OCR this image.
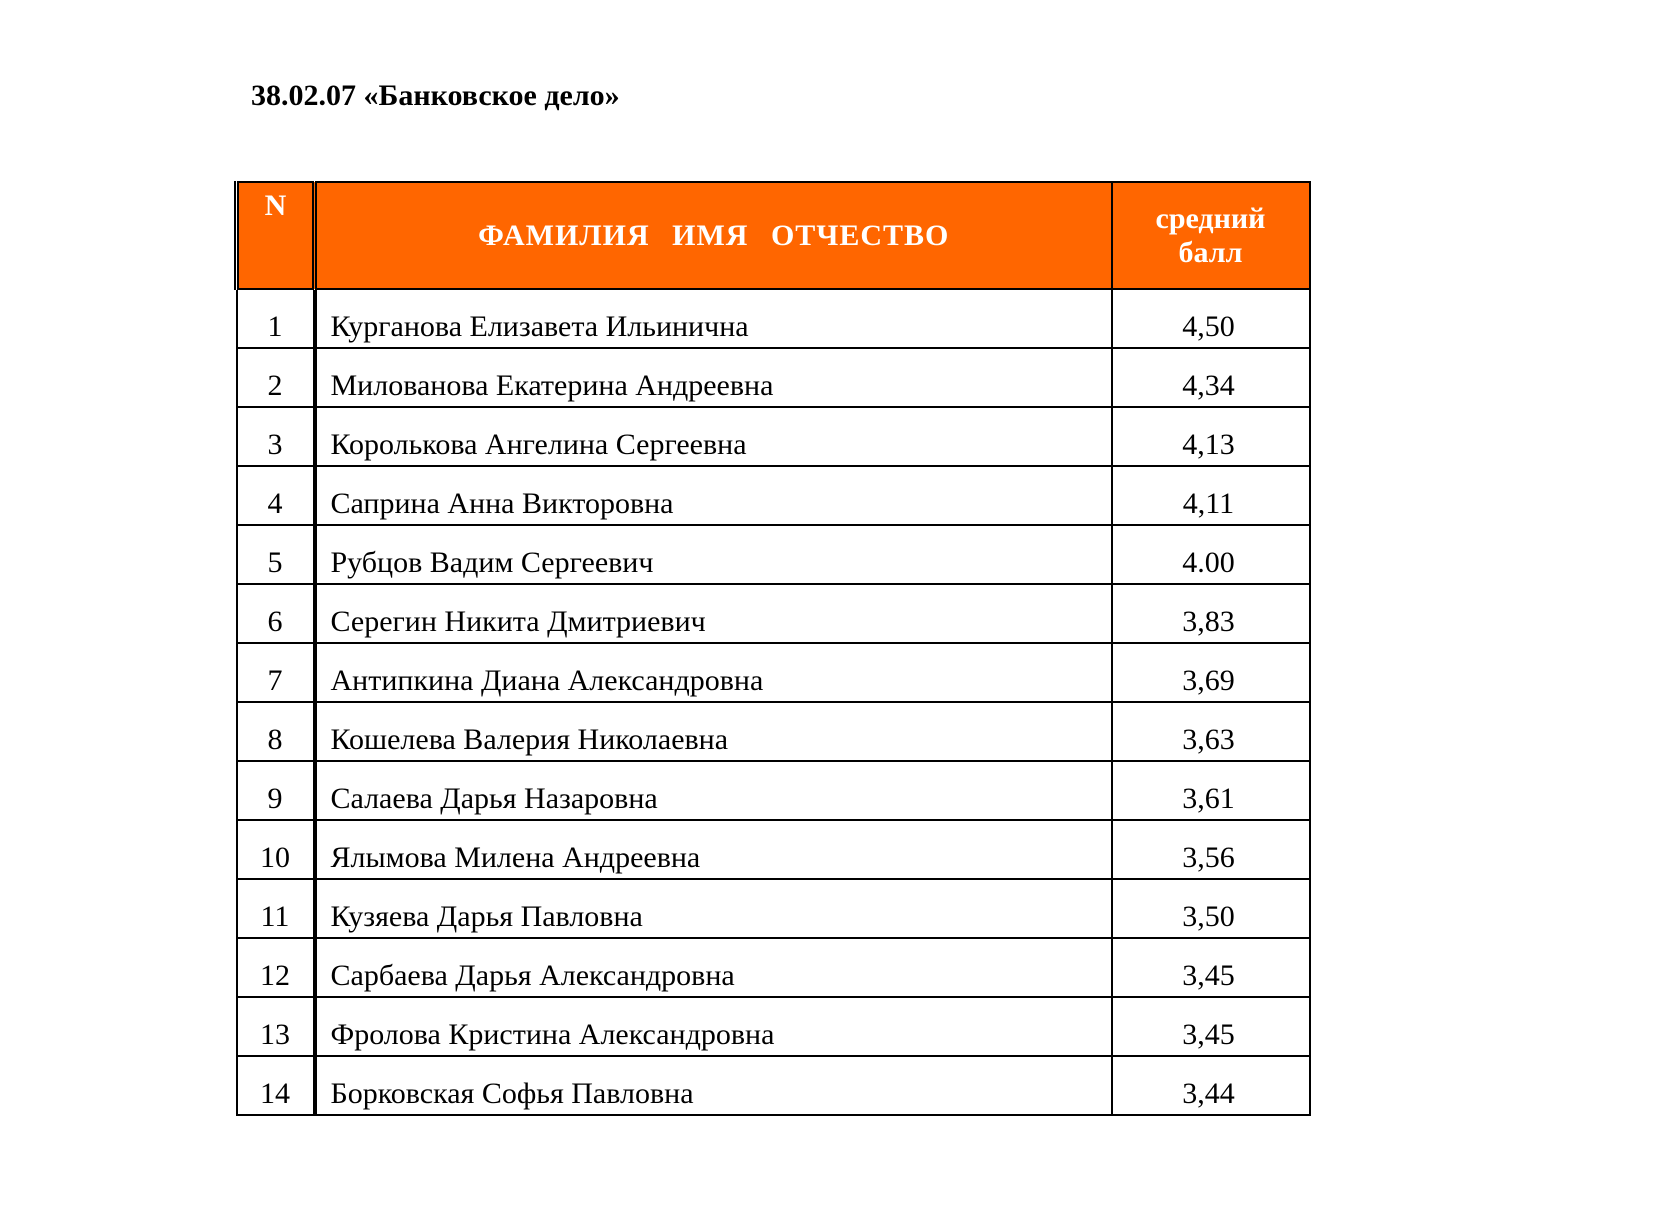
38.02.07 «Банковское дело»
N	ФАМИЛИЯ ИМЯ ОТЧЕСТВО	средний
балл

1	Курганова Елизавета Ильинична	4,50
2	Милованова Екатерина Андреевна	4,34
3	Королькова Ангелина Сергеевна	4,13
4	Саприна Анна Викторовна	4,11
5	Рубцов Вадим Сергеевич	4.00
6	Серегин Никита Дмитриевич	3,83
7	Антипкина Диана Александровна	3,69
8	Кошелева Валерия Николаевна	3,63
9	Салаева Дарья Назаровна	3,61
10	Ялымова Милена Андреевна	3,56
11	Кузяева Дарья Павловна	3,50
12	Сарбаева Дарья Александровна	3,45
13	Фролова Кристина Александровна	3,45
14	Борковская Софья Павловна	3,44
